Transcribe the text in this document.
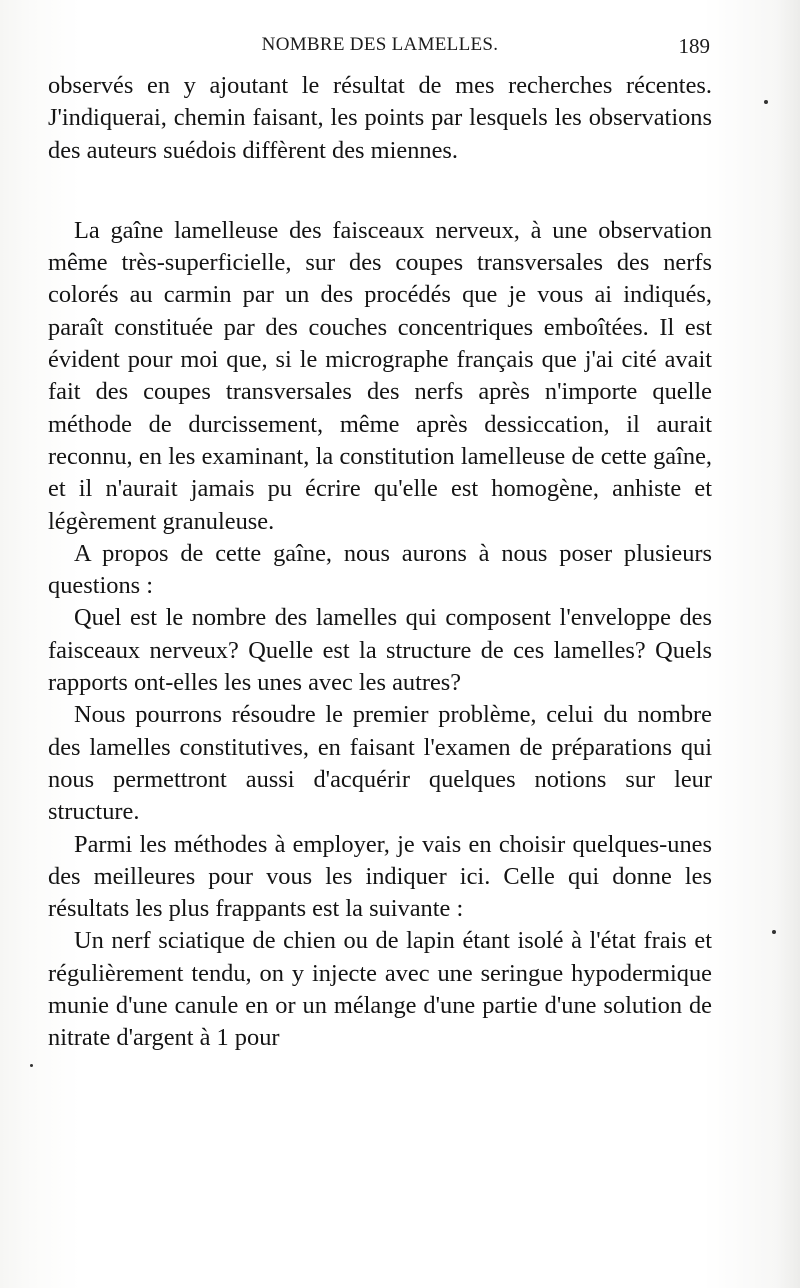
NOMBRE DES LAMELLES.	189

observés en y ajoutant le résultat de mes recherches récentes. J'indiquerai, chemin faisant, les points par lesquels les observations des auteurs suédois diffèrent des miennes.

La gaîne lamelleuse des faisceaux nerveux, à une observation même très-superficielle, sur des coupes transversales des nerfs colorés au carmin par un des procédés que je vous ai indiqués, paraît constituée par des couches concentriques emboîtées. Il est évident pour moi que, si le micrographe français que j'ai cité avait fait des coupes transversales des nerfs après n'importe quelle méthode de durcissement, même après dessiccation, il aurait reconnu, en les examinant, la constitution lamelleuse de cette gaîne, et il n'aurait jamais pu écrire qu'elle est homogène, anhiste et légèrement granuleuse.

A propos de cette gaîne, nous aurons à nous poser plusieurs questions :

Quel est le nombre des lamelles qui composent l'enveloppe des faisceaux nerveux? Quelle est la structure de ces lamelles? Quels rapports ont-elles les unes avec les autres?

Nous pourrons résoudre le premier problème, celui du nombre des lamelles constitutives, en faisant l'examen de préparations qui nous permettront aussi d'acquérir quelques notions sur leur structure.

Parmi les méthodes à employer, je vais en choisir quelques-unes des meilleures pour vous les indiquer ici. Celle qui donne les résultats les plus frappants est la suivante :

Un nerf sciatique de chien ou de lapin étant isolé à l'état frais et régulièrement tendu, on y injecte avec une seringue hypodermique munie d'une canule en or un mélange d'une partie d'une solution de nitrate d'argent à 1 pour
